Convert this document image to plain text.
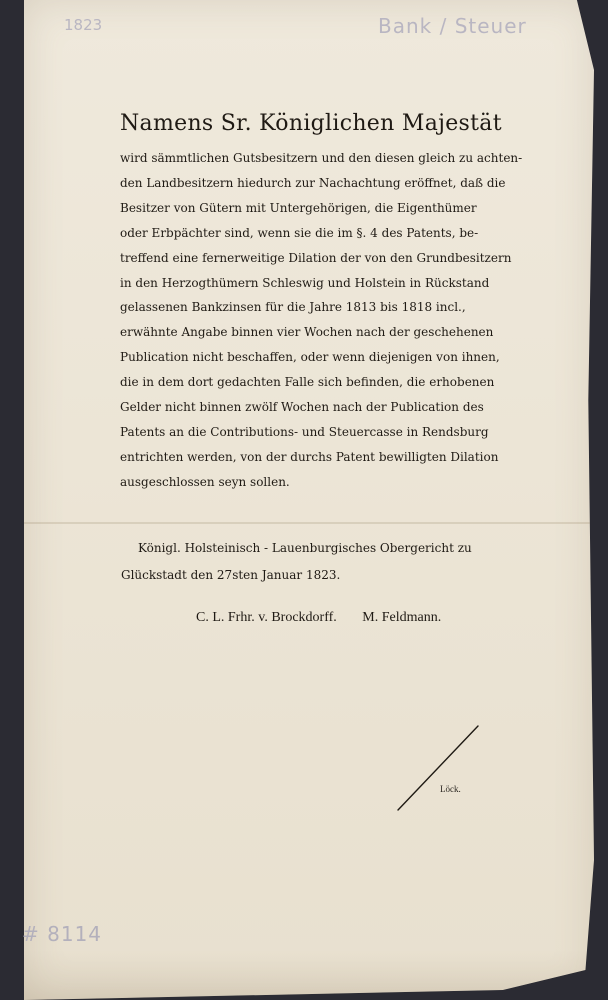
1823	Bank / Steuer
# 8114

Namens Sr. Königlichen Majestät

wird sämmtlichen Gutsbesitzern und den diesen gleich zu achten-

den Landbesitzern hiedurch zur Nachachtung eröffnet, daß die

Besitzer von Gütern mit Untergehörigen, die Eigenthümer

oder Erbpächter sind, wenn sie die im §. 4 des Patents, be-

treffend eine fernerweitige Dilation der von den Grundbesitzern

in den Herzogthümern Schleswig und Holstein in Rückstand

gelassenen Bankzinsen für die Jahre 1813 bis 1818 incl.,

erwähnte Angabe binnen vier Wochen nach der geschehenen

Publication nicht beschaffen, oder wenn diejenigen von ihnen,

die in dem dort gedachten Falle sich befinden, die erhobenen

Gelder nicht binnen zwölf Wochen nach der Publication des

Patents an die Contributions- und Steuercasse in Rendsburg

entrichten werden, von der durchs Patent bewilligten Dilation

ausgeschlossen seyn sollen.

Königl. Holsteinisch - Lauenburgisches Obergericht zu
Glückstadt den 27sten Januar 1823.
C. L. Frhr. v. Brockdorff. M. Feldmann.
Löck.
